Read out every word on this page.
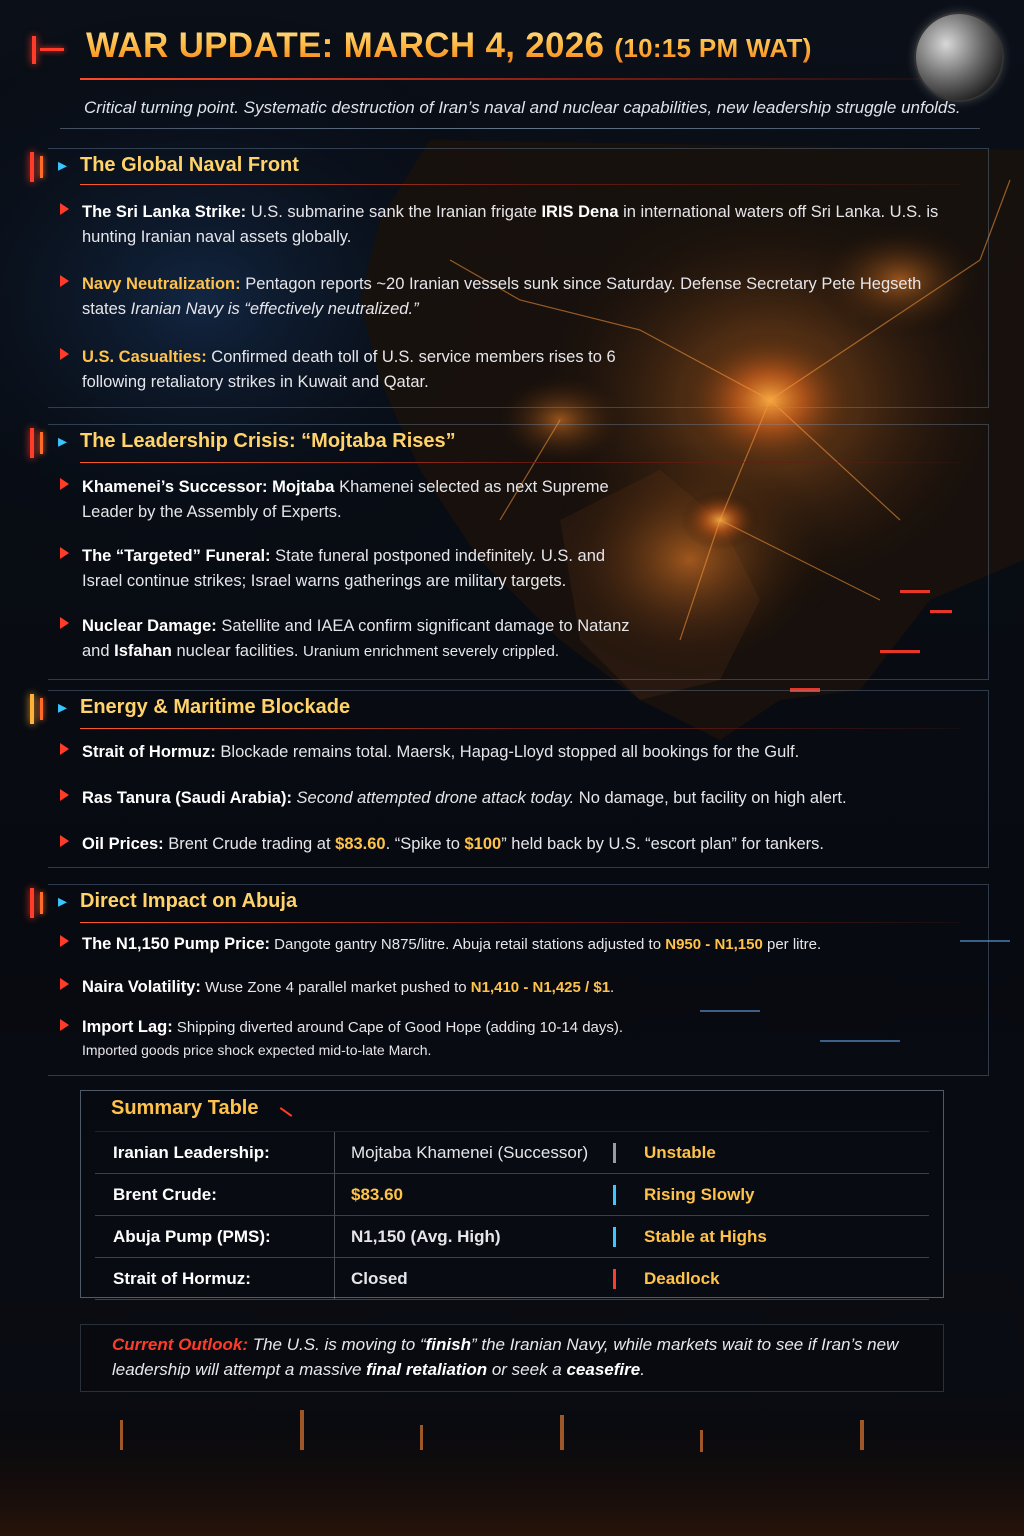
WAR UPDATE: MARCH 4, 2026 (10:15 PM WAT)
Critical turning point. Systematic destruction of Iran’s naval and nuclear capabilities, new leadership struggle unfolds.
▸ The Global Naval Front
The Sri Lanka Strike: U.S. submarine sank the Iranian frigate IRIS Dena in international waters off Sri Lanka. U.S. is hunting Iranian naval assets globally.
Navy Neutralization: Pentagon reports ~20 Iranian vessels sunk since Saturday. Defense Secretary Pete Hegseth states Iranian Navy is “effectively neutralized.”
U.S. Casualties: Confirmed death toll of U.S. service members rises to 6 following retaliatory strikes in Kuwait and Qatar.
▸ The Leadership Crisis: “Mojtaba Rises”
Khamenei’s Successor: Mojtaba Khamenei selected as next Supreme Leader by the Assembly of Experts.
The “Targeted” Funeral: State funeral postponed indefinitely. U.S. and Israel continue strikes; Israel warns gatherings are military targets.
Nuclear Damage: Satellite and IAEA confirm significant damage to Natanz and Isfahan nuclear facilities. Uranium enrichment severely crippled.
▸ Energy & Maritime Blockade
Strait of Hormuz: Blockade remains total. Maersk, Hapag-Lloyd stopped all bookings for the Gulf.
Ras Tanura (Saudi Arabia): Second attempted drone attack today. No damage, but facility on high alert.
Oil Prices: Brent Crude trading at $83.60. “Spike to $100” held back by U.S. “escort plan” for tankers.
▸ Direct Impact on Abuja
The N1,150 Pump Price: Dangote gantry N875/litre. Abuja retail stations adjusted to N950 - N1,150 per litre.
Naira Volatility: Wuse Zone 4 parallel market pushed to N1,410 - N1,425 / $1.
Import Lag: Shipping diverted around Cape of Good Hope (adding 10-14 days).
Imported goods price shock expected mid-to-late March.
Summary Table
Iranian Leadership:	Mojtaba Khamenei (Successor)		Unstable
Brent Crude:	$83.60		Rising Slowly
Abuja Pump (PMS):	N1,150 (Avg. High)		Stable at Highs
Strait of Hormuz:	Closed		Deadlock
Current Outlook: The U.S. is moving to “finish” the Iranian Navy, while markets wait to see if Iran’s new leadership will attempt a massive final retaliation or seek a ceasefire.
